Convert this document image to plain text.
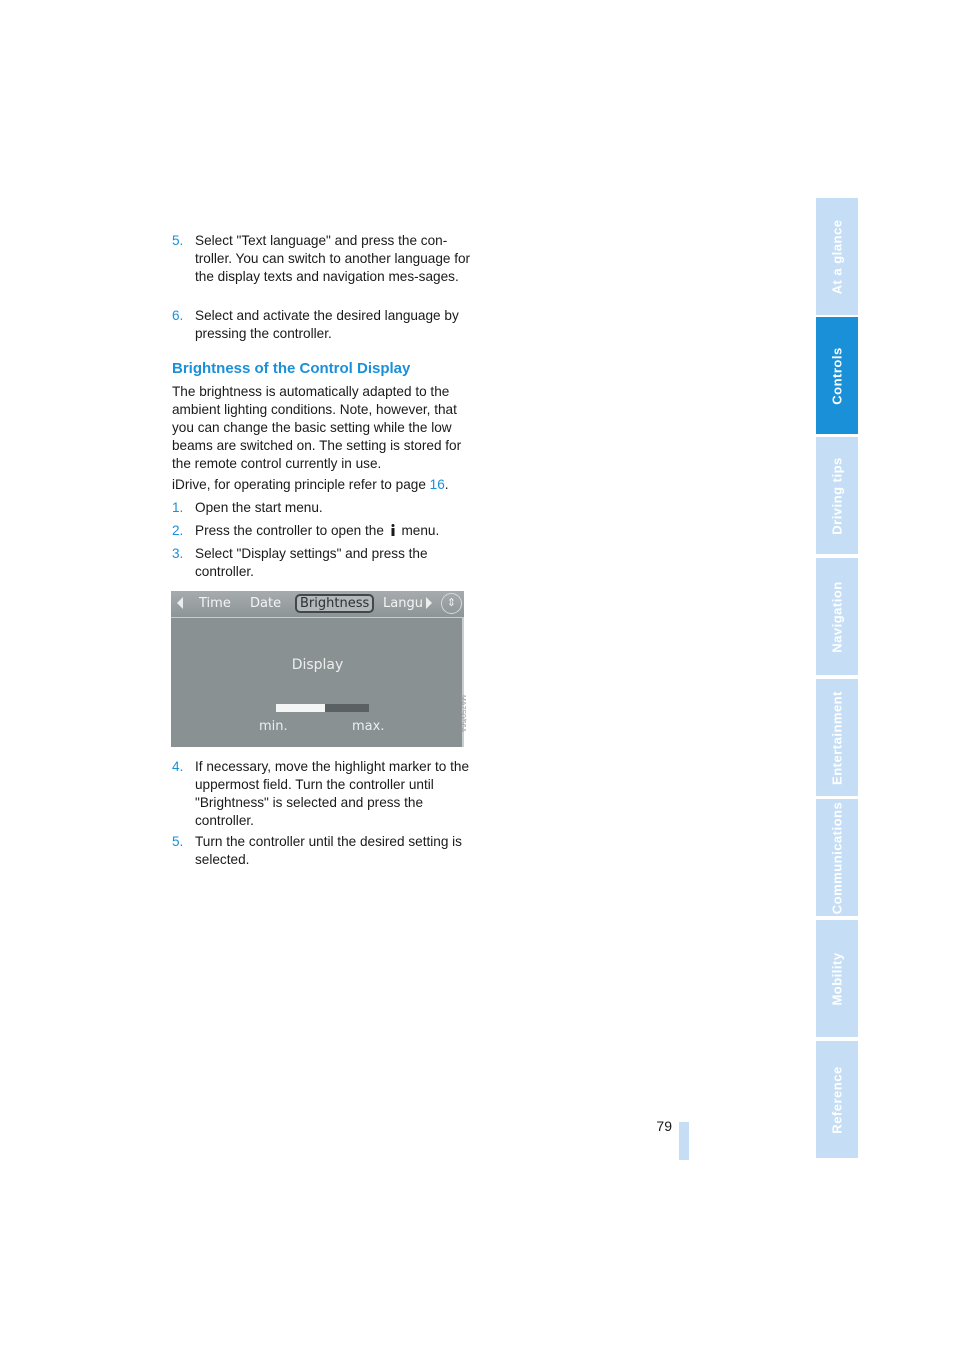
5. Select "Text language" and press the con-troller. You can switch to another language for the display texts and navigation mes-sages.
6. Select and activate the desired language by pressing the controller.
Brightness of the Control Display
The brightness is automatically adapted to the ambient lighting conditions. Note, however, that you can change the basic setting while the low beams are switched on. The setting is stored for the remote control currently in use.
iDrive, for operating principle refer to page 16.
1. Open the start menu.
2. Press the controller to open the  menu.
3. Select "Display settings" and press the controller.
Time Date	Brightness	Langu	⇕
Display
min.	max.	MA7S0/56A
4. If necessary, move the highlight marker to the uppermost field. Turn the controller until "Brightness" is selected and press the controller.
5. Turn the controller until the desired setting is selected.
At a glance
Controls
Driving tips
Navigation
Entertainment
Communications
Mobility
Reference
79
